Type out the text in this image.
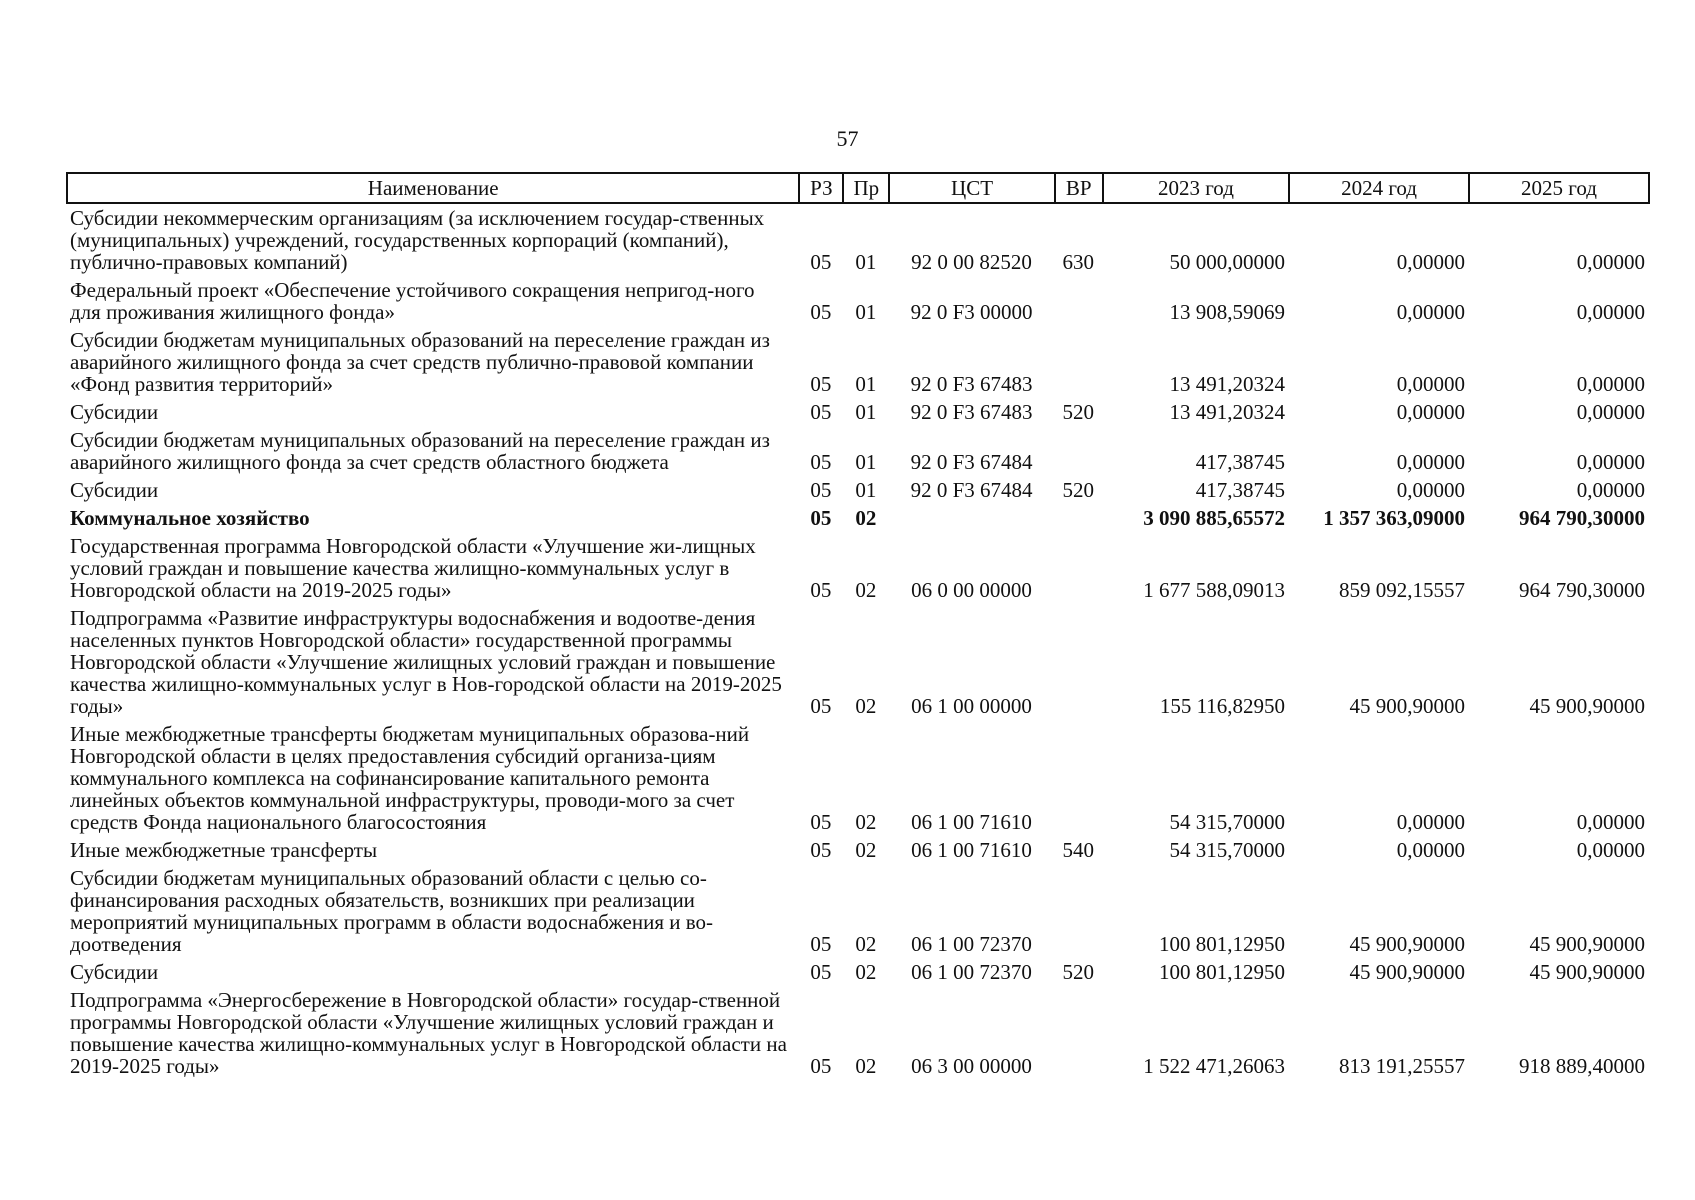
57
Наименование	РЗ	Пр	ЦСТ	ВР	2023 год	2024 год	2025 год
Субсидии некоммерческим организациям (за исключением государ-ственных (муниципальных) учреждений, государственных корпораций (компаний), публично-правовых компаний)	05	01	92 0 00 82520	630	50 000,00000	0,00000	0,00000
Федеральный проект «Обеспечение устойчивого сокращения непригод-ного для проживания жилищного фонда»	05	01	92 0 F3 00000		13 908,59069	0,00000	0,00000
Субсидии бюджетам муниципальных образований на переселение граждан из аварийного жилищного фонда за счет средств публично-правовой компании «Фонд развития территорий»	05	01	92 0 F3 67483		13 491,20324	0,00000	0,00000
Субсидии	05	01	92 0 F3 67483	520	13 491,20324	0,00000	0,00000
Субсидии бюджетам муниципальных образований на переселение граждан из аварийного жилищного фонда за счет средств областного бюджета	05	01	92 0 F3 67484		417,38745	0,00000	0,00000
Субсидии	05	01	92 0 F3 67484	520	417,38745	0,00000	0,00000
Коммунальное хозяйство	05	02			3 090 885,65572	1 357 363,09000	964 790,30000
Государственная программа Новгородской области «Улучшение жи-лищных условий граждан и повышение качества жилищно-коммунальных услуг в Новгородской области на 2019-2025 годы»	05	02	06 0 00 00000		1 677 588,09013	859 092,15557	964 790,30000
Подпрограмма «Развитие инфраструктуры водоснабжения и водоотве-дения населенных пунктов Новгородской области» государственной программы Новгородской области «Улучшение жилищных условий граждан и повышение качества жилищно-коммунальных услуг в Нов-городской области на 2019-2025 годы»	05	02	06 1 00 00000		155 116,82950	45 900,90000	45 900,90000
Иные межбюджетные трансферты бюджетам муниципальных образова-ний Новгородской области в целях предоставления субсидий организа-циям коммунального комплекса на софинансирование капитального ремонта линейных объектов коммунальной инфраструктуры, проводи-мого за счет средств Фонда национального благосостояния	05	02	06 1 00 71610		54 315,70000	0,00000	0,00000
Иные межбюджетные трансферты	05	02	06 1 00 71610	540	54 315,70000	0,00000	0,00000
Субсидии бюджетам муниципальных образований области с целью со-финансирования расходных обязательств, возникших при реализации мероприятий муниципальных программ в области водоснабжения и во-доотведения	05	02	06 1 00 72370		100 801,12950	45 900,90000	45 900,90000
Субсидии	05	02	06 1 00 72370	520	100 801,12950	45 900,90000	45 900,90000
Подпрограмма «Энергосбережение в Новгородской области» государ-ственной программы Новгородской области «Улучшение жилищных условий граждан и повышение качества жилищно-коммунальных услуг в Новгородской области на 2019-2025 годы»	05	02	06 3 00 00000		1 522 471,26063	813 191,25557	918 889,40000
